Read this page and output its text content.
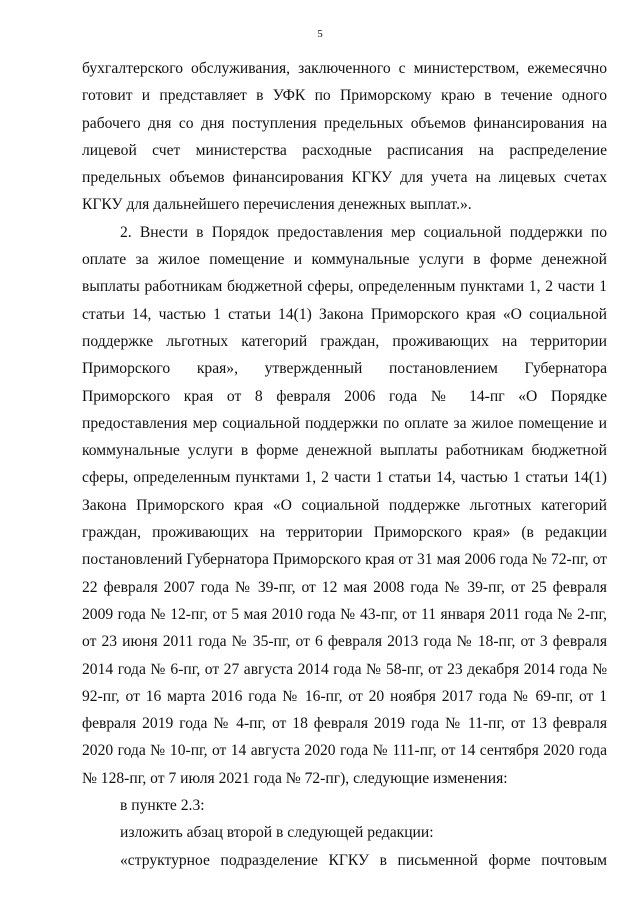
5

бухгалтерского обслуживания, заключенного с министерством, ежемесячно готовит и представляет в УФК по Приморскому краю в течение одного рабочего дня со дня поступления предельных объемов финансирования на лицевой счет министерства расходные расписания на распределение предельных объемов финансирования КГКУ для учета на лицевых счетах КГКУ для дальнейшего перечисления денежных выплат.».

2. Внести в Порядок предоставления мер социальной поддержки по оплате за жилое помещение и коммунальные услуги в форме денежной выплаты работникам бюджетной сферы, определенным пунктами 1, 2 части 1 статьи 14, частью 1 статьи 14(1) Закона Приморского края «О социальной поддержке льготных категорий граждан, проживающих на территории Приморского края», утвержденный постановлением Губернатора Приморского края от 8 февраля 2006 года № 14-пг «О Порядке предоставления мер социальной поддержки по оплате за жилое помещение и коммунальные услуги в форме денежной выплаты работникам бюджетной сферы, определенным пунктами 1, 2 части 1 статьи 14, частью 1 статьи 14(1) Закона Приморского края «О социальной поддержке льготных категорий граждан, проживающих на территории Приморского края» (в редакции постановлений Губернатора Приморского края от 31 мая 2006 года № 72-пг, от 22 февраля 2007 года № 39-пг, от 12 мая 2008 года № 39-пг, от 25 февраля 2009 года № 12-пг, от 5 мая 2010 года № 43-пг, от 11 января 2011 года № 2-пг, от 23 июня 2011 года № 35-пг, от 6 февраля 2013 года № 18-пг, от 3 февраля 2014 года № 6-пг, от 27 августа 2014 года № 58-пг, от 23 декабря 2014 года № 92-пг, от 16 марта 2016 года № 16-пг, от 20 ноября 2017 года № 69-пг, от 1 февраля 2019 года № 4-пг, от 18 февраля 2019 года № 11-пг, от 13 февраля 2020 года № 10-пг, от 14 августа 2020 года № 111-пг, от 14 сентября 2020 года № 128-пг, от 7 июля 2021 года № 72-пг), следующие изменения:

в пункте 2.3:

изложить абзац второй в следующей редакции:

«структурное подразделение КГКУ в письменной форме почтовым
